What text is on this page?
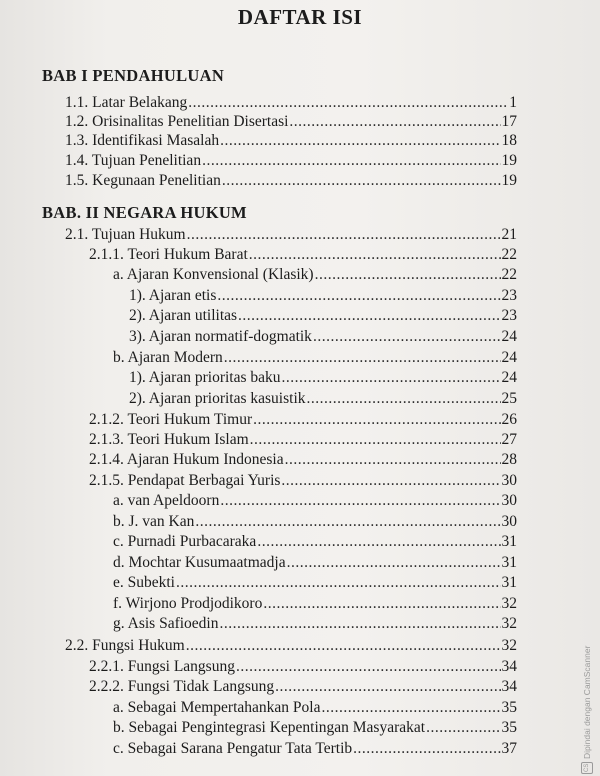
DAFTAR ISI
BAB I PENDAHULUAN
BAB. II NEGARA HUKUM
1.1. Latar Belakang .....	1
1.2. Orisinalitas Penelitian Disertasi .....	17
1.3. Identifikasi Masalah .....	18
1.4. Tujuan Penelitian .....	19
1.5. Kegunaan Penelitian .....	19
2.1. Tujuan Hukum .....	21
2.1.1. Teori Hukum Barat .....	22
a. Ajaran Konvensional (Klasik) .....	22
1). Ajaran etis .....	23
2). Ajaran utilitas .....	23
3). Ajaran normatif-dogmatik .....	24
b. Ajaran Modern .....	24
1). Ajaran prioritas baku .....	24
2). Ajaran prioritas kasuistik .....	25
2.1.2. Teori Hukum Timur .....	26
2.1.3. Teori Hukum Islam .....	27
2.1.4. Ajaran Hukum Indonesia .....	28
2.1.5. Pendapat Berbagai Yuris .....	30
a. van Apeldoorn .....	30
b. J. van Kan .....	30
c. Purnadi Purbacaraka .....	31
d. Mochtar Kusumaatmadja .....	31
e. Subekti .....	31
f. Wirjono Prodjodikoro .....	32
g. Asis Safioedin .....	32
2.2. Fungsi Hukum .....	32
2.2.1. Fungsi Langsung .....	34
2.2.2. Fungsi Tidak Langsung .....	34
a. Sebagai Mempertahankan Pola .....	35
b. Sebagai Pengintegrasi Kepentingan Masyarakat .....	35
c. Sebagai Sarana Pengatur Tata Tertib .....	37
CS
Dipindai dengan CamScanner
